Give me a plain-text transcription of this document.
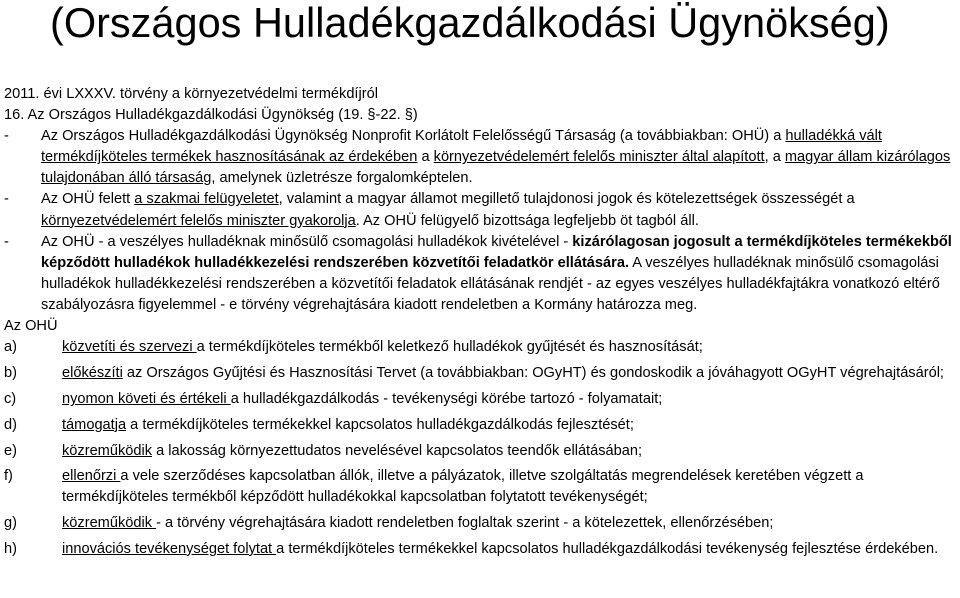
(Országos Hulladékgazdálkodási Ügynökség)

2011. évi LXXXV. törvény a környezetvédelmi termékdíjról

16. Az Országos Hulladékgazdálkodási Ügynökség (19. §-22. §)

-	Az Országos Hulladékgazdálkodási Ügynökség Nonprofit Korlátolt Felelősségű Társaság (a továbbiakban: OHÜ) a hulladékká vált termékdíjköteles termékek hasznosításának az érdekében a környezetvédelemért felelős miniszter által alapított, a magyar állam kizárólagos tulajdonában álló társaság, amelynek üzletrésze forgalomképtelen.
-	Az OHÜ felett a szakmai felügyeletet, valamint a magyar államot megillető tulajdonosi jogok és kötelezettségek összességét a környezetvédelemért felelős miniszter gyakorolja. Az OHÜ felügyelő bizottsága legfeljebb öt tagból áll.
-	Az OHÜ - a veszélyes hulladéknak minősülő csomagolási hulladékok kivételével - kizárólagosan jogosult a termékdíjköteles termékekből képződött hulladékok hulladékkezelési rendszerében közvetítői feladatkör ellátására. A veszélyes hulladéknak minősülő csomagolási hulladékok hulladékkezelési rendszerében a közvetítői feladatok ellátásának rendjét - az egyes veszélyes hulladékfajtákra vonatkozó eltérő szabályozásra figyelemmel - e törvény végrehajtására kiadott rendeletben a Kormány határozza meg.

Az OHÜ

a)	közvetíti és szervezi a termékdíjköteles termékből keletkező hulladékok gyűjtését és hasznosítását;
b)	előkészíti az Országos Gyűjtési és Hasznosítási Tervet (a továbbiakban: OGyHT) és gondoskodik a jóváhagyott OGyHT végrehajtásáról;
c)	nyomon követi és értékeli a hulladékgazdálkodás - tevékenységi körébe tartozó - folyamatait;
d)	támogatja a termékdíjköteles termékekkel kapcsolatos hulladékgazdálkodás fejlesztését;
e)	közreműködik a lakosság környezettudatos nevelésével kapcsolatos teendők ellátásában;
f)	ellenőrzi a vele szerződéses kapcsolatban állók, illetve a pályázatok, illetve szolgáltatás megrendelések keretében végzett a termékdíjköteles termékből képződött hulladékokkal kapcsolatban folytatott tevékenységét;
g)	közreműködik - a törvény végrehajtására kiadott rendeletben foglaltak szerint - a kötelezettek, ellenőrzésében;
h)	innovációs tevékenységet folytat a termékdíjköteles termékekkel kapcsolatos hulladékgazdálkodási tevékenység fejlesztése érdekében.
